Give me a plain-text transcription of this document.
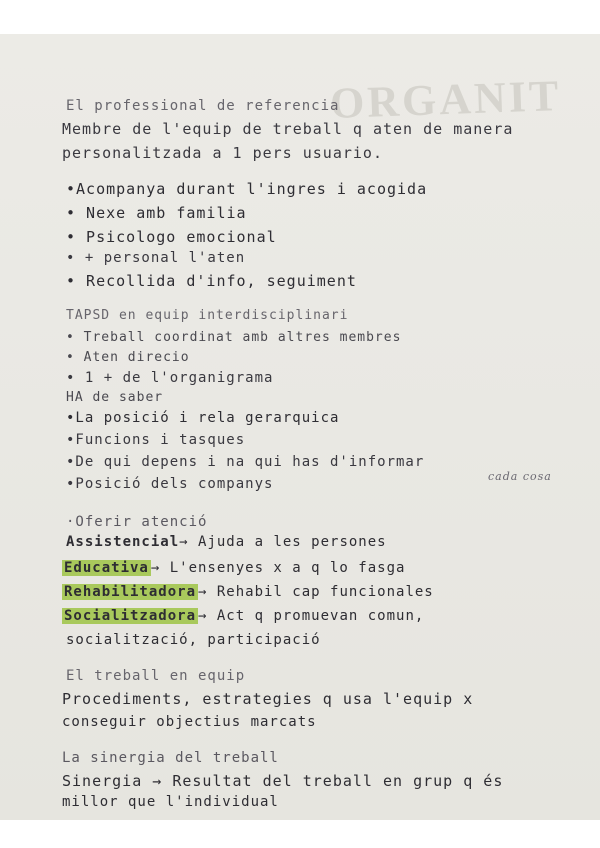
ORGANIT
El professional de referencia
Membre de l'equip de treball q aten de manera
personalitzada a 1 pers usuario.
•Acompanya durant l'ingres i acogida
• Nexe amb familia
• Psicologo emocional
• + personal l'aten
• Recollida d'info, seguiment
TAPSD en equip interdisciplinari
• Treball coordinat amb altres membres
• Aten direcio
• 1 + de l'organigrama
HA de saber
•La posició i rela gerarquica
•Funcions i tasques
•De qui depens i na qui has d'informar
cada cosa
•Posició dels companys
·Oferir atenció
Assistencial→ Ajuda a les persones
Educativa → L'ensenyes x a q lo fasga
Rehabilitadora → Rehabil cap funcionales
Socialitzadora → Act q promuevan comun,
socialització, participació
El treball en equip
Procediments, estrategies q usa l'equip x
conseguir objectius marcats
La sinergia del treball
Sinergia → Resultat del treball en grup q és
millor que l'individual
